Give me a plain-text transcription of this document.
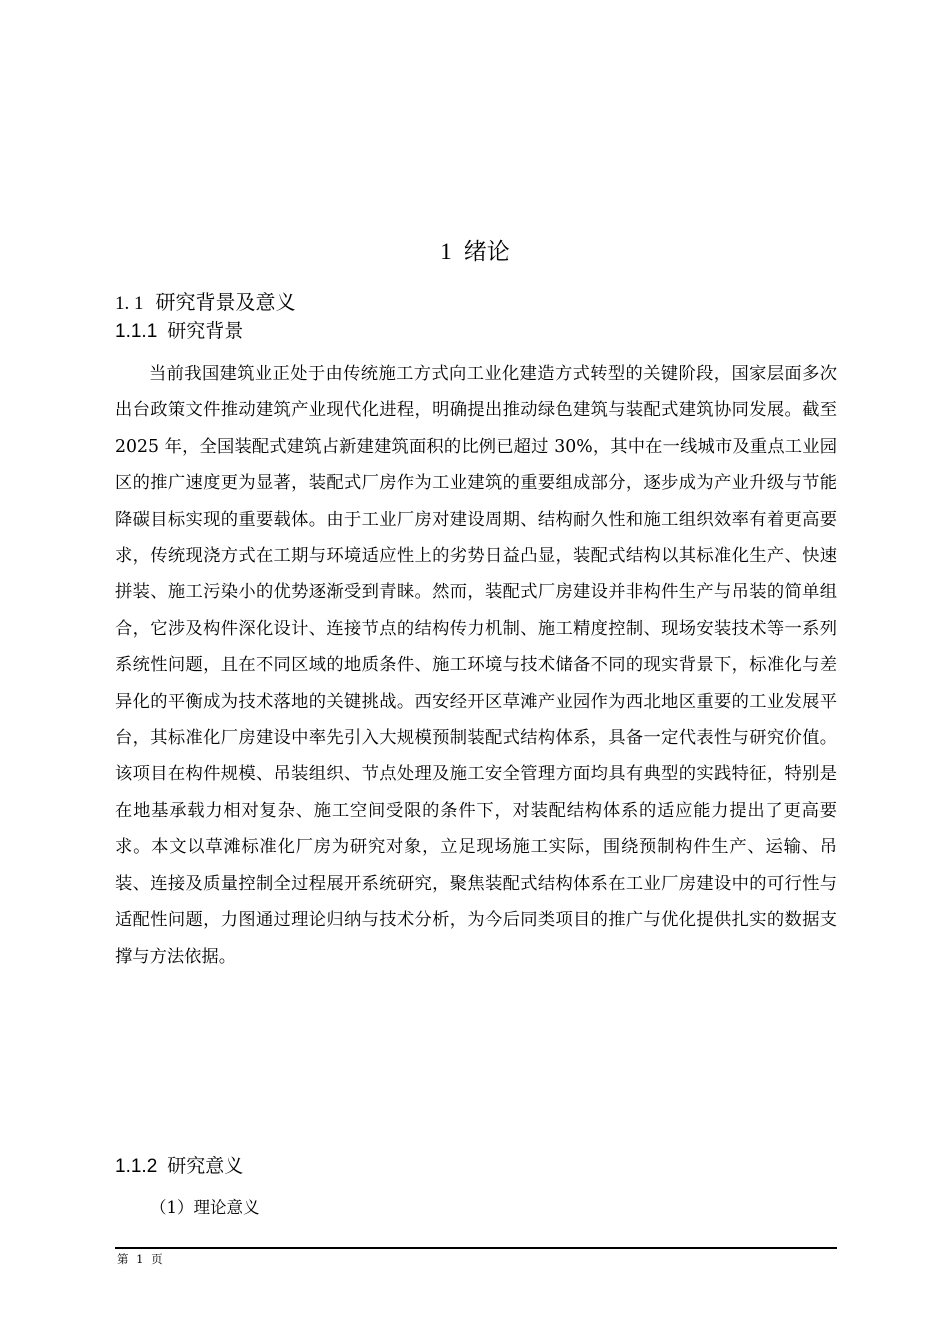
1 绪论
1. 1 研究背景及意义
1.1.1 研究背景

当前我国建筑业正处于由传统施工方式向工业化建造方式转型的关键阶段，国家层面多次出台政策文件推动建筑产业现代化进程，明确提出推动绿色建筑与装配式建筑协同发展。截至 2025 年，全国装配式建筑占新建建筑面积的比例已超过 30%，其中在一线城市及重点工业园区的推广速度更为显著，装配式厂房作为工业建筑的重要组成部分，逐步成为产业升级与节能降碳目标实现的重要载体。由于工业厂房对建设周期、结构耐久性和施工组织效率有着更高要求，传统现浇方式在工期与环境适应性上的劣势日益凸显，装配式结构以其标准化生产、快速拼装、施工污染小的优势逐渐受到青睐。然而，装配式厂房建设并非构件生产与吊装的简单组合，它涉及构件深化设计、连接节点的结构传力机制、施工精度控制、现场安装技术等一系列系统性问题，且在不同区域的地质条件、施工环境与技术储备不同的现实背景下，标准化与差异化的平衡成为技术落地的关键挑战。西安经开区草滩产业园作为西北地区重要的工业发展平台，其标准化厂房建设中率先引入大规模预制装配式结构体系，具备一定代表性与研究价值。该项目在构件规模、吊装组织、节点处理及施工安全管理方面均具有典型的实践特征，特别是在地基承载力相对复杂、施工空间受限的条件下，对装配结构体系的适应能力提出了更高要求。本文以草滩标准化厂房为研究对象，立足现场施工实际，围绕预制构件生产、运输、吊装、连接及质量控制全过程展开系统研究，聚焦装配式结构体系在工业厂房建设中的可行性与适配性问题，力图通过理论归纳与技术分析，为今后同类项目的推广与优化提供扎实的数据支撑与方法依据。

1.1.2 研究意义
（1）理论意义
第 1 页
